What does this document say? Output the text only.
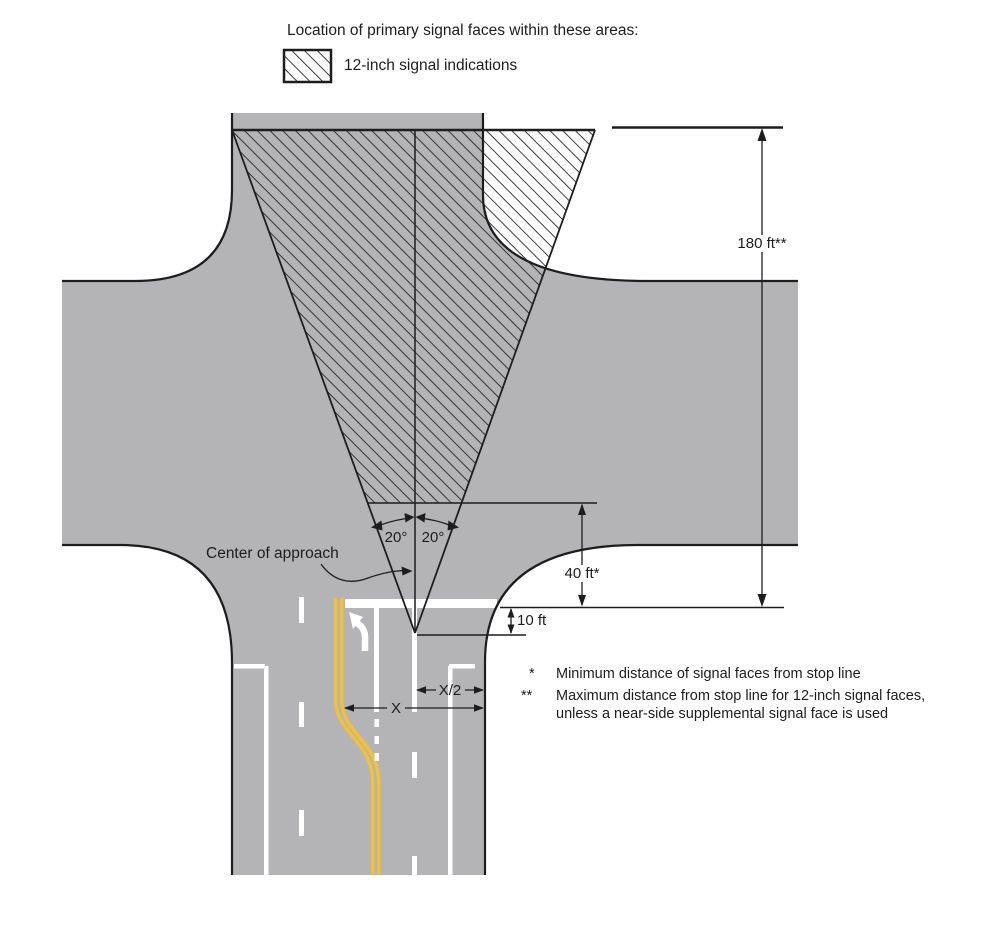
Location of primary signal faces within these areas:
12-inch signal indications
180 ft**
40 ft*
10 ft
20° 20°
Center of approach
X/2
X
* Minimum distance of signal faces from stop line
** Maximum distance from stop line for 12-inch signal faces,
unless a near-side supplemental signal face is used
